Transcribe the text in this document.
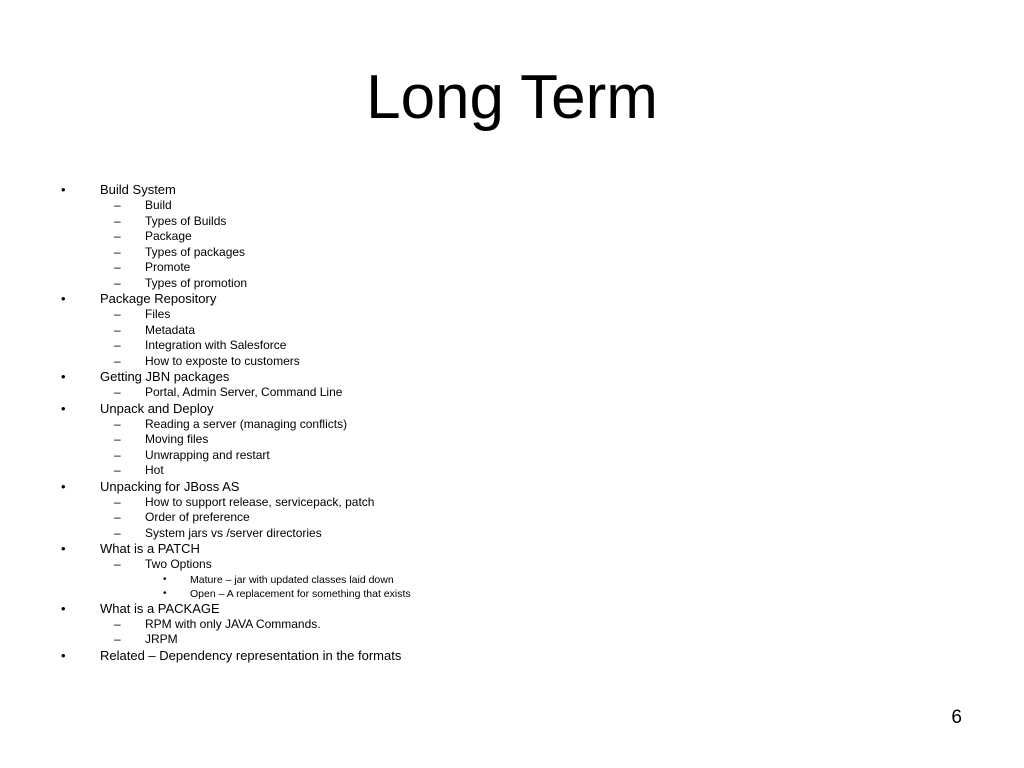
Long Term
•	Build System
– Build
– Types of Builds
– Package
– Types of packages
– Promote
– Types of promotion
•	Package Repository
– Files
– Metadata
– Integration with Salesforce
– How to exposte to customers
•	Getting JBN packages
– Portal, Admin Server, Command Line
•	Unpack and Deploy
– Reading a server (managing conflicts)
– Moving files
– Unwrapping and restart
– Hot
•	Unpacking for JBoss AS
– How to support release, servicepack, patch
– Order of preference
– System jars vs /server directories
•	What is a PATCH
– Two Options
• Mature – jar with updated classes laid down
• Open – A replacement for something that exists
•	What is a PACKAGE
– RPM with only JAVA Commands.
– JRPM
•	Related – Dependency representation in the formats
6
